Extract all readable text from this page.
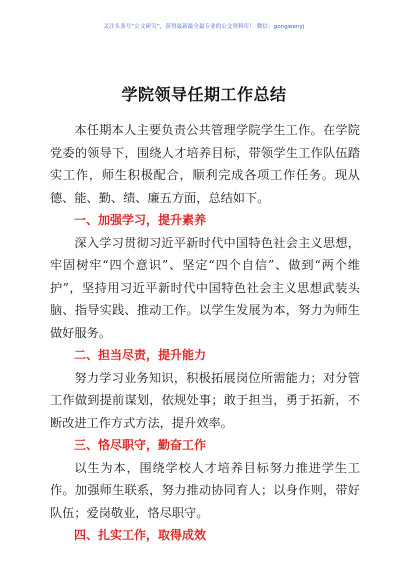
关注头条号“公文研究”，获得最新最全最专业的公文资料库！ 微信：gongwenyj
学院领导任期工作总结

本任期本人主要负责公共管理学院学生工作。在学院党委的领导下，围绕人才培养目标，带领学生工作队伍踏实工作，师生积极配合，顺利完成各项工作任务。现从德、能、勤、绩、廉五方面，总结如下。

一、加强学习，提升素养

深入学习贯彻习近平新时代中国特色社会主义思想，牢固树牢“四个意识”、坚定“四个自信”、做到“两个维护”，坚持用习近平新时代中国特色社会主义思想武装头脑、指导实践、推动工作。以学生发展为本，努力为师生做好服务。

二、担当尽责，提升能力

努力学习业务知识，积极拓展岗位所需能力；对分管工作做到提前谋划，依规处事；敢于担当，勇于拓新，不断改进工作方式方法，提升效率。

三、恪尽职守，勤奋工作

以生为本，围绕学校人才培养目标努力推进学生工作。加强师生联系，努力推动协同育人；以身作则，带好队伍；爱岗敬业，恪尽职守。

四、扎实工作，取得成效
